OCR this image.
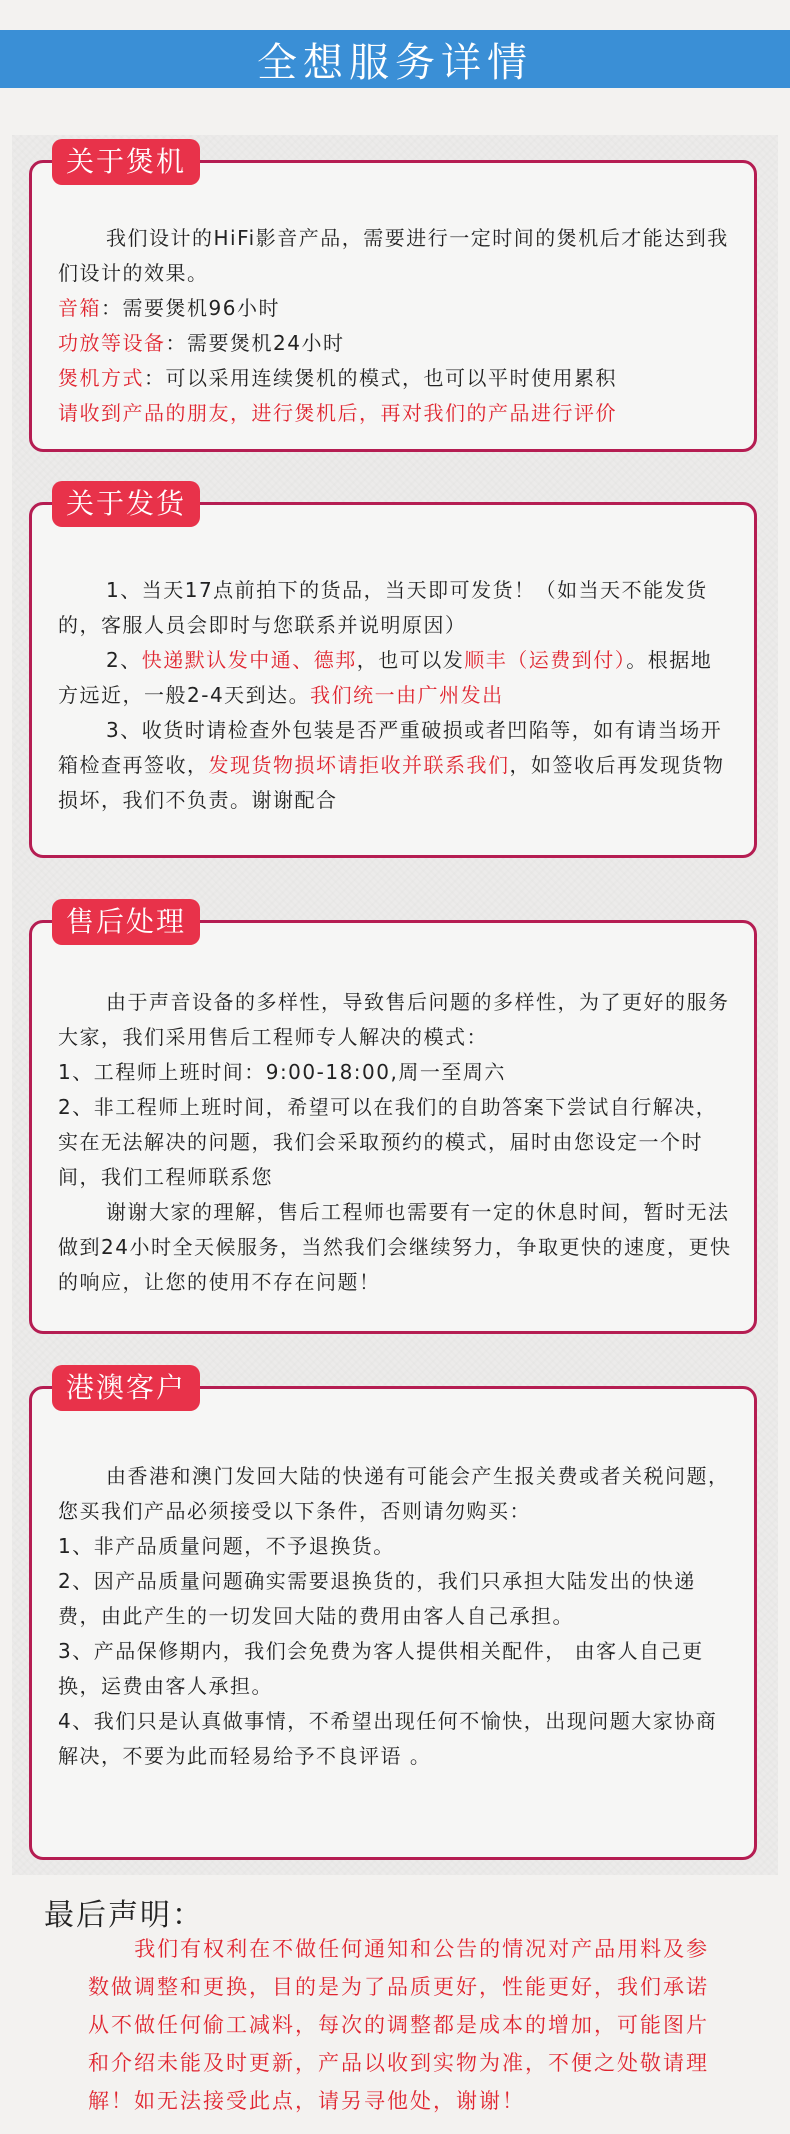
全想服务详情
关于煲机

我们设计的HiFi影音产品，需要进行一定时间的煲机后才能达到我们设计的效果。

音箱：需要煲机96小时

功放等设备：需要煲机24小时

煲机方式：可以采用连续煲机的模式，也可以平时使用累积

请收到产品的朋友，进行煲机后，再对我们的产品进行评价

关于发货

1、当天17点前拍下的货品，当天即可发货！（如当天不能发货的，客服人员会即时与您联系并说明原因）

2、快递默认发中通、德邦，也可以发顺丰（运费到付）。根据地方远近，一般2-4天到达。我们统一由广州发出

3、收货时请检查外包装是否严重破损或者凹陷等，如有请当场开箱检查再签收，发现货物损坏请拒收并联系我们，如签收后再发现货物损坏，我们不负责。谢谢配合

售后处理

由于声音设备的多样性，导致售后问题的多样性，为了更好的服务大家，我们采用售后工程师专人解决的模式：

1、工程师上班时间：9:00-18:00,周一至周六

2、非工程师上班时间，希望可以在我们的自助答案下尝试自行解决，实在无法解决的问题，我们会采取预约的模式，届时由您设定一个时间，我们工程师联系您

谢谢大家的理解，售后工程师也需要有一定的休息时间，暂时无法做到24小时全天候服务，当然我们会继续努力，争取更快的速度，更快的响应，让您的使用不存在问题！

港澳客户

由香港和澳门发回大陆的快递有可能会产生报关费或者关税问题，您买我们产品必须接受以下条件，否则请勿购买：

1、非产品质量问题，不予退换货。

2、因产品质量问题确实需要退换货的，我们只承担大陆发出的快递费，由此产生的一切发回大陆的费用由客人自己承担。

3、产品保修期内，我们会免费为客人提供相关配件， 由客人自己更换，运费由客人承担。

4、我们只是认真做事情，不希望出现任何不愉快，出现问题大家协商解决，不要为此而轻易给予不良评语 。

最后声明：

我们有权利在不做任何通知和公告的情况对产品用料及参数做调整和更换，目的是为了品质更好，性能更好，我们承诺从不做任何偷工减料，每次的调整都是成本的增加，可能图片和介绍未能及时更新，产品以收到实物为准，不便之处敬请理解！如无法接受此点，请另寻他处，谢谢！
